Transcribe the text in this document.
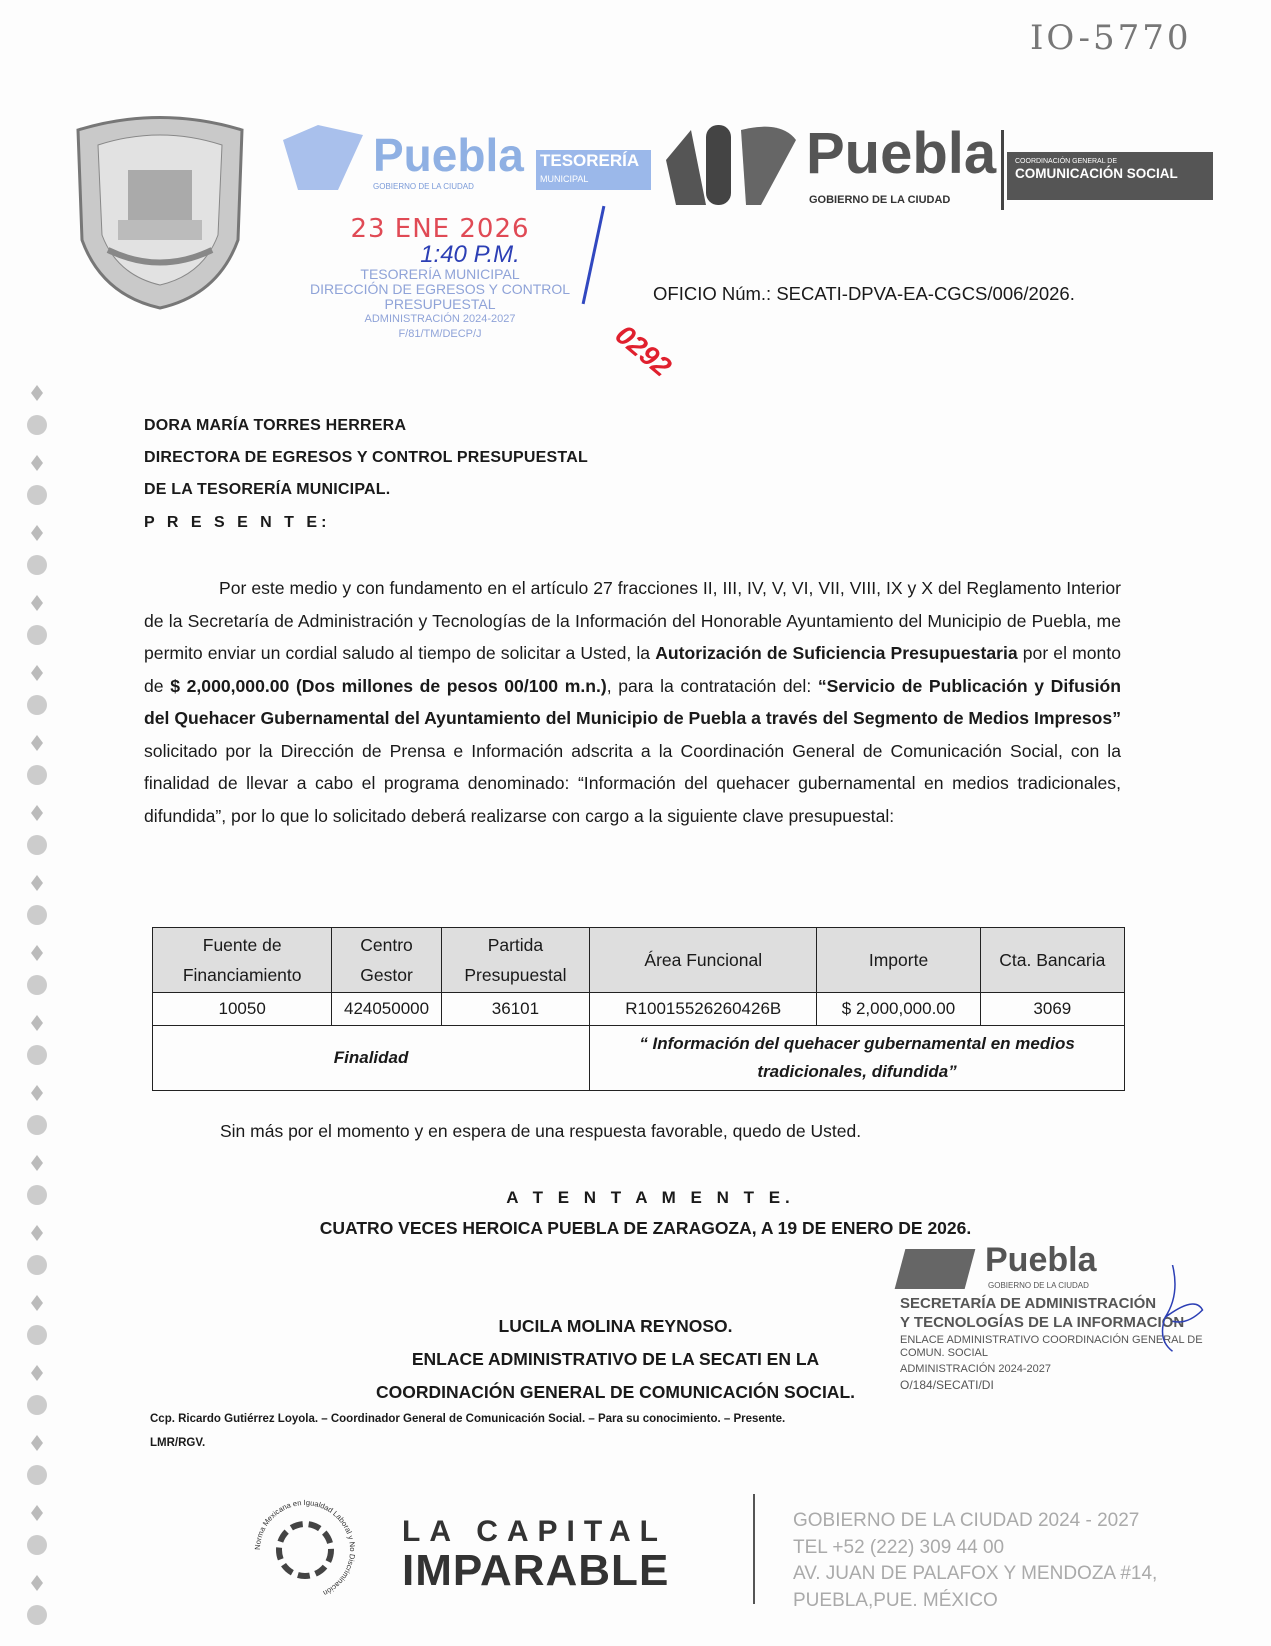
IO-5770
Puebla
GOBIERNO DE LA CIUDAD
TESORERÍA
MUNICIPAL
23 ENE 2026
1:40 P.M.
TESORERÍA MUNICIPAL
DIRECCIÓN DE EGRESOS Y CONTROL
PRESUPUESTAL
ADMINISTRACIÓN 2024-2027
F/81/TM/DECP/J
Puebla
GOBIERNO DE LA CIUDAD
COORDINACIÓN GENERAL DE
COMUNICACIÓN SOCIAL
OFICIO Núm.: SECATI-DPVA-EA-CGCS/006/2026.
0292
DORA MARÍA TORRES HERRERA
DIRECTORA DE EGRESOS Y CONTROL PRESUPUESTAL
DE LA TESORERÍA MUNICIPAL.
P R E S E N T E:

Por este medio y con fundamento en el artículo 27 fracciones II, III, IV, V, VI, VII, VIII, IX y X del Reglamento Interior de la Secretaría de Administración y Tecnologías de la Información del Honorable Ayuntamiento del Municipio de Puebla, me permito enviar un cordial saludo al tiempo de solicitar a Usted, la Autorización de Suficiencia Presupuestaria por el monto de $ 2,000,000.00 (Dos millones de pesos 00/100 m.n.), para la contratación del: “Servicio de Publicación y Difusión del Quehacer Gubernamental del Ayuntamiento del Municipio de Puebla a través del Segmento de Medios Impresos” solicitado por la Dirección de Prensa e Información adscrita a la Coordinación General de Comunicación Social, con la finalidad de llevar a cabo el programa denominado: “Información del quehacer gubernamental en medios tradicionales, difundida”, por lo que lo solicitado deberá realizarse con cargo a la siguiente clave presupuestal:

Fuente de Financiamiento	Centro Gestor	Partida Presupuestal	Área Funcional	Importe	Cta. Bancaria
10050	424050000	36101	R10015526260426B	$ 2,000,000.00	3069
Finalidad			“ Información del quehacer gubernamental en medios tradicionales, difundida”		
Sin más por el momento y en espera de una respuesta favorable, quedo de Usted.
A T E N T A M E N T E.
CUATRO VECES HEROICA PUEBLA DE ZARAGOZA, A 19 DE ENERO DE 2026.
Puebla
GOBIERNO DE LA CIUDAD
SECRETARÍA DE ADMINISTRACIÓN
Y TECNOLOGÍAS DE LA INFORMACIÓN
ENLACE ADMINISTRATIVO COORDINACIÓN GENERAL DE COMUN. SOCIAL
ADMINISTRACIÓN 2024-2027
O/184/SECATI/DI
LUCILA MOLINA REYNOSO.
ENLACE ADMINISTRATIVO DE LA SECATI EN LA
COORDINACIÓN GENERAL DE COMUNICACIÓN SOCIAL.
Ccp. Ricardo Gutiérrez Loyola. – Coordinador General de Comunicación Social. – Para su conocimiento. – Presente.
LMR/RGV.
Norma Mexicana en Igualdad Laboral y No Discriminación
LA CAPITAL
IMPARABLE
GOBIERNO DE LA CIUDAD 2024 - 2027
TEL +52 (222) 309 44 00
AV. JUAN DE PALAFOX Y MENDOZA #14,
PUEBLA,PUE. MÉXICO
